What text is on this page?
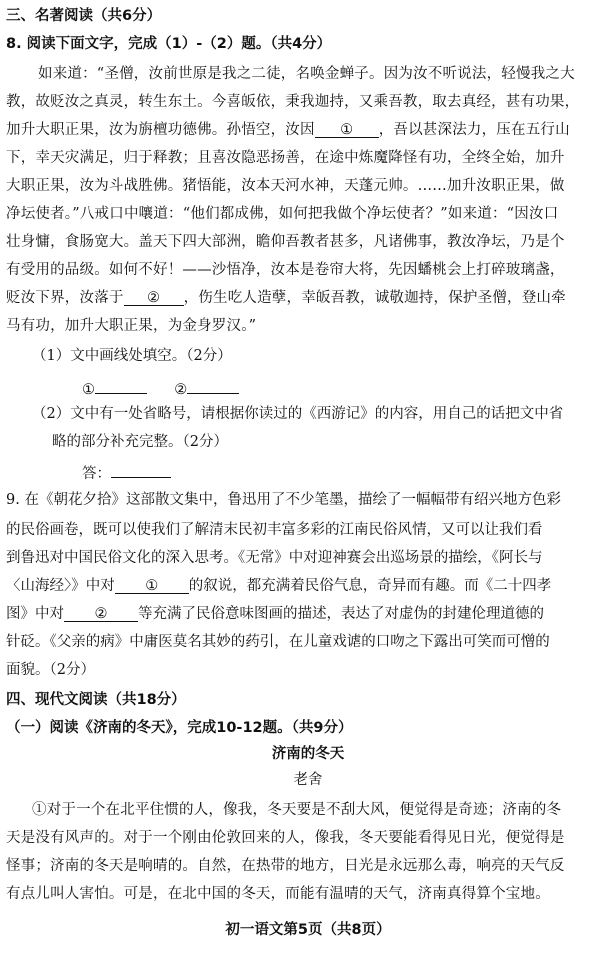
三、名著阅读（共6分）
8. 阅读下面文字，完成（1）-（2）题。（共4分）
如来道：“圣僧，汝前世原是我之二徒，名唤金蝉子。因为汝不听说法，轻慢我之大
教，故贬汝之真灵，转生东土。今喜皈依，秉我迦持，又乘吾教，取去真经，甚有功果，
加升大职正果，汝为旃檀功德佛。孙悟空，汝因 ① ，吾以甚深法力，压在五行山
下，幸天灾满足，归于释教；且喜汝隐恶扬善，在途中炼魔降怪有功，全终全始，加升
大职正果，汝为斗战胜佛。猪悟能，汝本天河水神，天蓬元帅。……加升汝职正果，做
净坛使者。”八戒口中嚷道：“他们都成佛，如何把我做个净坛使者？”如来道：“因汝口
壮身慵，食肠宽大。盖天下四大部洲，瞻仰吾教者甚多，凡诸佛事，教汝净坛，乃是个
有受用的品级。如何不好！——沙悟净，汝本是卷帘大将，先因蟠桃会上打碎玻璃盏，
贬汝下界，汝落于 ② ，伤生吃人造孽，幸皈吾教，诚敬迦持，保护圣僧，登山牵
马有功，加升大职正果，为金身罗汉。”
（1）文中画线处填空。（2分）
①	②
（2）文中有一处省略号，请根据你读过的《西游记》的内容，用自己的话把文中省
略的部分补充完整。（2分）
答：
9. 在《朝花夕拾》这部散文集中，鲁迅用了不少笔墨，描绘了一幅幅带有绍兴地方色彩
的民俗画卷，既可以使我们了解清末民初丰富多彩的江南民俗风情，又可以让我们看
到鲁迅对中国民俗文化的深入思考。《无常》中对迎神赛会出巡场景的描绘，《阿长与
〈山海经〉》中对 ① 的叙说，都充满着民俗气息，奇异而有趣。而《二十四孝
图》中对 ② 等充满了民俗意味图画的描述，表达了对虚伪的封建伦理道德的
针砭。《父亲的病》中庸医莫名其妙的药引，在儿童戏谑的口吻之下露出可笑而可憎的
面貌。（2分）
四、现代文阅读（共18分）
（一）阅读《济南的冬天》，完成10-12题。（共9分）
济南的冬天
老舍
①对于一个在北平住惯的人，像我，冬天要是不刮大风，便觉得是奇迹；济南的冬
天是没有风声的。对于一个刚由伦敦回来的人，像我，冬天要能看得见日光，便觉得是
怪事；济南的冬天是响晴的。自然，在热带的地方，日光是永远那么毒，响亮的天气反
有点儿叫人害怕。可是，在北中国的冬天，而能有温晴的天气，济南真得算个宝地。
初一语文第5页（共8页）
